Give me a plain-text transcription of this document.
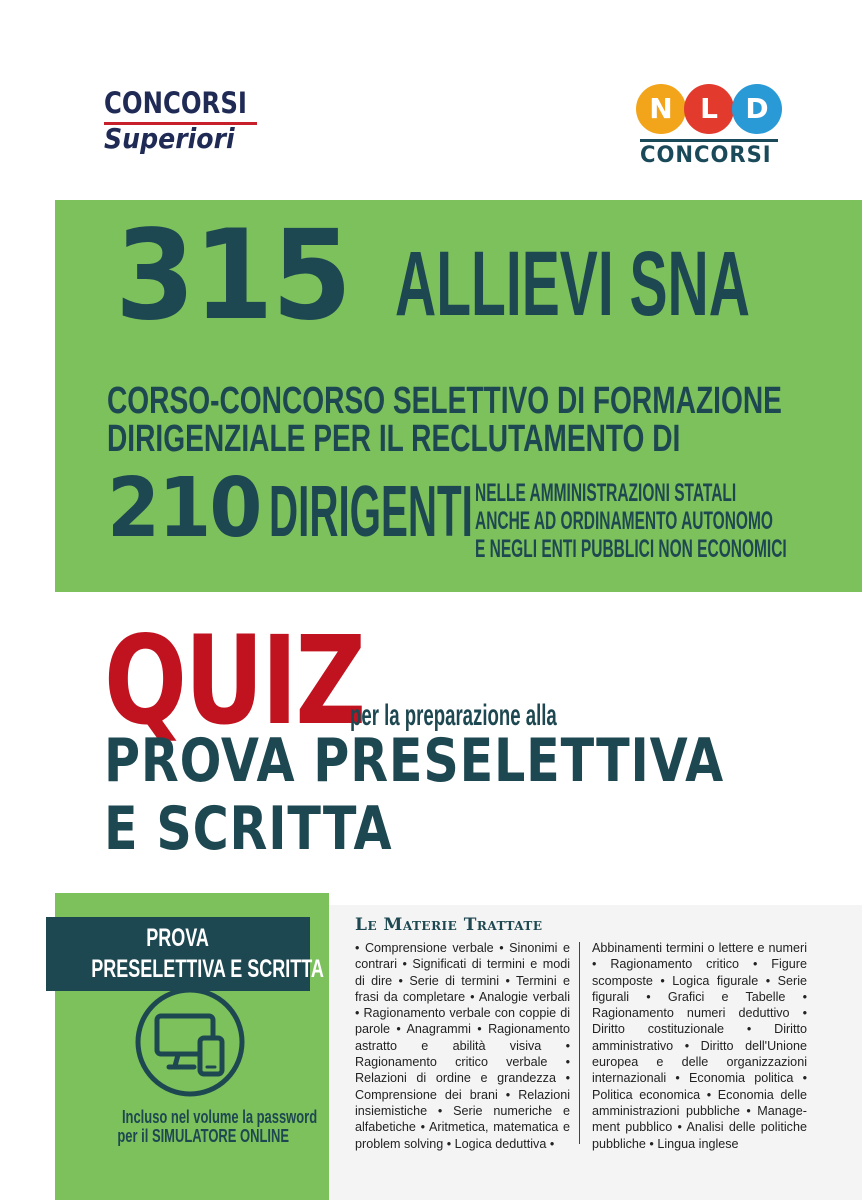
CONCORSI
Superiori
N L D
CONCORSI
315 ALLIEVI SNA
CORSO-CONCORSO SELETTIVO DI FORMAZIONE
DIRIGENZIALE PER IL RECLUTAMENTO DI
210 DIRIGENTI NELLE AMMINISTRAZIONI STATALI
ANCHE AD ORDINAMENTO AUTONOMO
E NEGLI ENTI PUBBLICI NON ECONOMICI
QUIZ
per la preparazione alla
PROVA PRESELETTIVA
E SCRITTA
PROVA
PRESELETTIVA E SCRITTA
Incluso nel volume la password
per il SIMULATORE ONLINE
Le Materie Trattate
• Comprensione verbale • Sinonimi e contrari • Significati di termini e modi di dire • Serie di termini • Termini e frasi da completare • Analogie verbali • Ragionamento verbale con coppie di parole • Anagrammi • Ragionamento astratto e abilità visiva • Ragionamento critico verbale • Relazioni di ordine e grandezza • Comprensione dei brani • Relazioni insiemistiche • Serie numeriche e alfabetiche • Aritmetica, matematica e problem solving • Logica deduttiva •
Abbinamenti termini o lettere e numeri • Ragionamento critico • Figure scomposte • Logica figurale • Serie figurali • Grafici e Tabelle • Ragionamento numeri deduttivo • Diritto costituzionale • Diritto amministrativo • Diritto dell'Unione europea e delle organizzazioni internazionali • Economia politica • Politica economica • Economia delle amministrazioni pubbliche • Manage-ment pubblico • Analisi delle politiche pubbliche • Lingua inglese
